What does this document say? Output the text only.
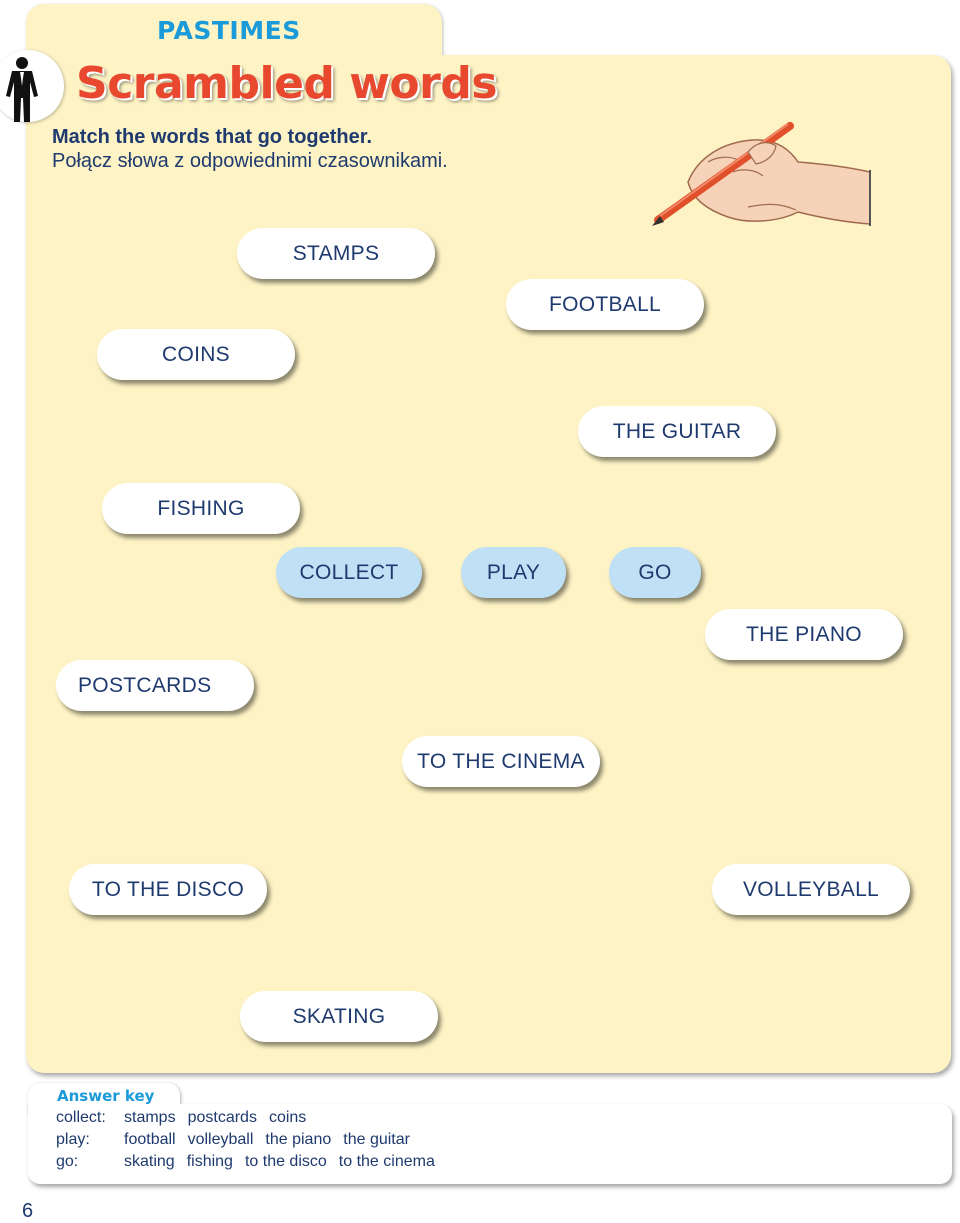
PASTIMES
Scrambled words
Match the words that go together.
Połącz słowa z odpowiednimi czasownikami.
STAMPS
FOOTBALL
COINS
THE GUITAR
FISHING
COLLECT	PLAY	GO
THE PIANO
POSTCARDS
TO THE CINEMA
TO THE DISCO	VOLLEYBALL
SKATING
Answer key
collect: stamps postcards coins
play: football volleyball the piano the guitar
go:	skating fishing to the disco to the cinema
6
